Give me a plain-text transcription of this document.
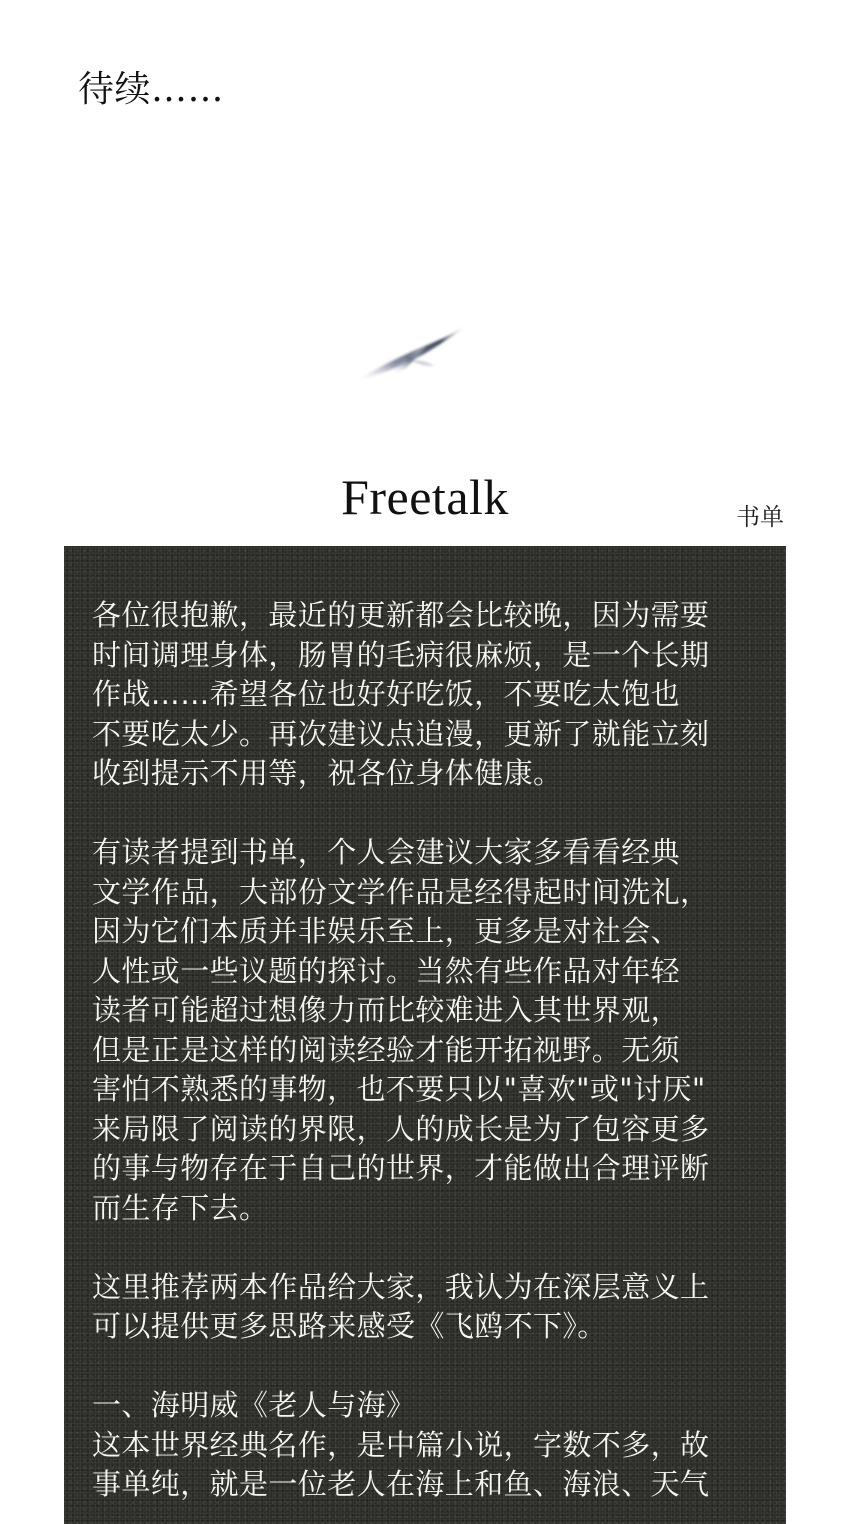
待续……
Freetalk	书单
各位很抱歉，最近的更新都会比较晚，因为需要
时间调理身体，肠胃的毛病很麻烦，是一个长期
作战……希望各位也好好吃饭，不要吃太饱也
不要吃太少。再次建议点追漫，更新了就能立刻
收到提示不用等，祝各位身体健康。
有读者提到书单，个人会建议大家多看看经典
文学作品，大部份文学作品是经得起时间洗礼，
因为它们本质并非娱乐至上，更多是对社会、
人性或一些议题的探讨。当然有些作品对年轻
读者可能超过想像力而比较难进入其世界观，
但是正是这样的阅读经验才能开拓视野。无须
害怕不熟悉的事物，也不要只以"喜欢"或"讨厌"
来局限了阅读的界限，人的成长是为了包容更多
的事与物存在于自己的世界，才能做出合理评断
而生存下去。
这里推荐两本作品给大家，我认为在深层意义上
可以提供更多思路来感受《飞鸥不下》。
一、海明威《老人与海》
这本世界经典名作，是中篇小说，字数不多，故
事单纯，就是一位老人在海上和鱼、海浪、天气
